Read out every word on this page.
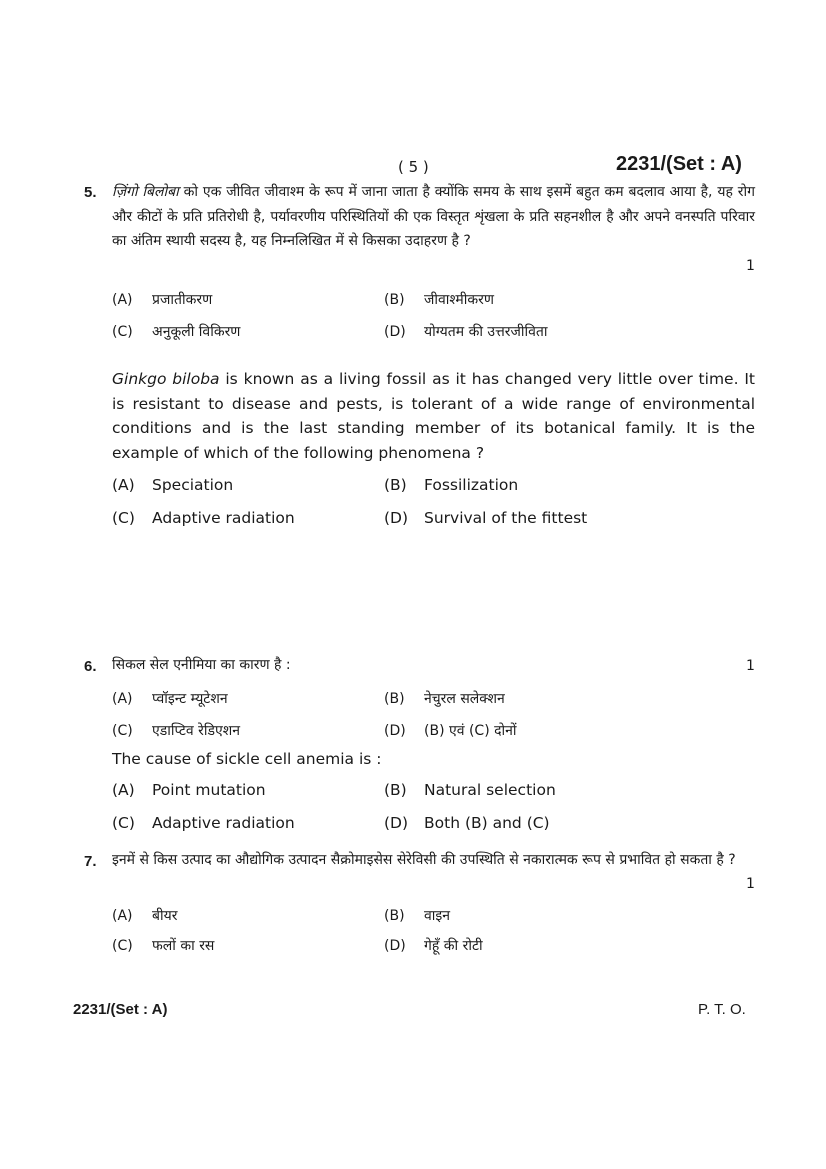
( 5 )	2231/(Set : A)
5. ज़िंगो बिलोबा को एक जीवित जीवाश्म के रूप में जाना जाता है क्योंकि समय के साथ इसमें बहुत कम बदलाव आया है, यह रोग और कीटों के प्रति प्रतिरोधी है, पर्यावरणीय परिस्थितियों की एक विस्तृत शृंखला के प्रति सहनशील है और अपने वनस्पति परिवार का अंतिम स्थायी सदस्य है, यह निम्नलिखित में से किसका उदाहरण है ?
1
(A) प्रजातीकरण	(B) जीवाश्मीकरण
(C) अनुकूली विकिरण	(D) योग्यतम की उत्तरजीविता
Ginkgo biloba is known as a living fossil as it has changed very little over time. It is resistant to disease and pests, is tolerant of a wide range of environmental conditions and is the last standing member of its botanical family. It is the example of which of the following phenomena ?
(A) Speciation	(B) Fossilization
(C) Adaptive radiation	(D) Survival of the fittest
6. सिकल सेल एनीमिया का कारण है :	1
(A) प्वॉइन्ट म्यूटेशन	(B) नेचुरल सलेक्शन
(C) एडाप्टिव रेडिएशन	(D) (B) एवं (C) दोनों
The cause of sickle cell anemia is :
(A) Point mutation	(B) Natural selection
(C) Adaptive radiation	(D) Both (B) and (C)
7. इनमें से किस उत्पाद का औद्योगिक उत्पादन सैक्रोमाइसेस सेरेविसी की उपस्थिति से नकारात्मक रूप से प्रभावित हो सकता है ?
1
(A) बीयर	(B) वाइन
(C) फलों का रस	(D) गेहूँ की रोटी
2231/(Set : A)	P. T. O.
